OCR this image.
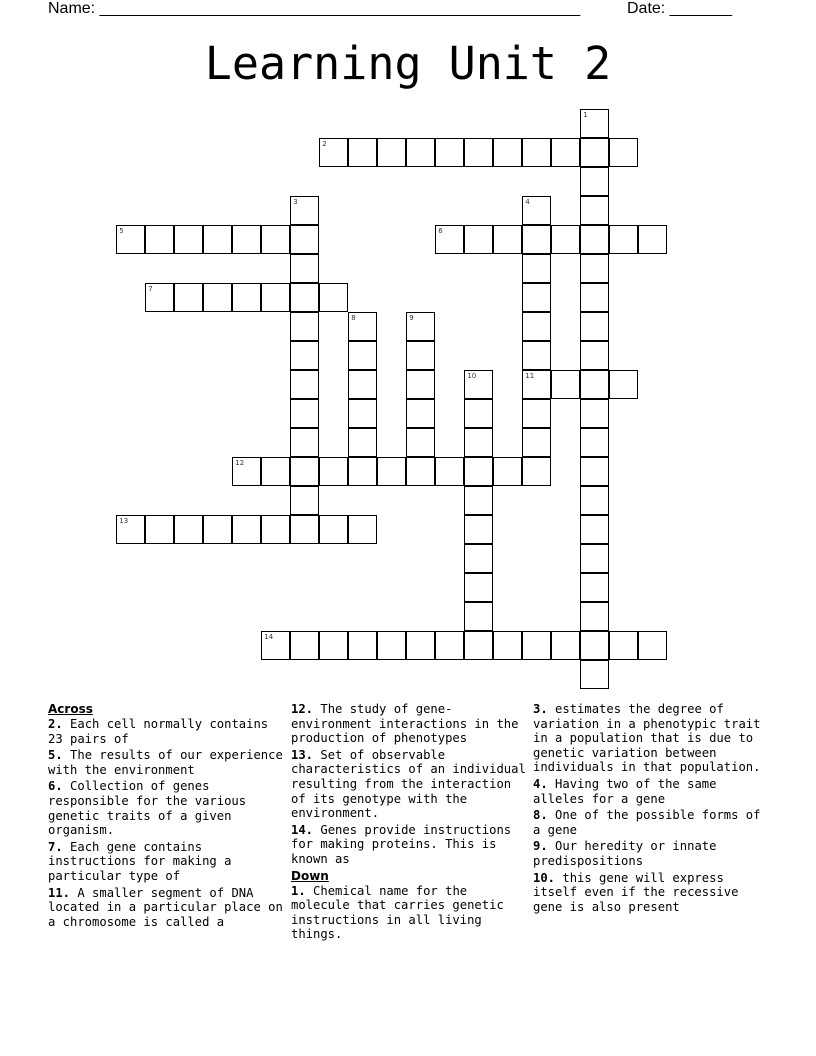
Name: ______________________________________________________	Date: _______
Learning Unit 2
1
2
3	4
11
5	6
7
8	9
10
12
13
14
Across
2. Each cell normally contains 23 pairs of
5. The results of our experience with the environment
6. Collection of genes responsible for the various genetic traits of a given organism.
7. Each gene contains instructions for making a particular type of
11. A smaller segment of DNA located in a particular place on a chromosome is called a
12. The study of gene-environment interactions in the production of phenotypes
13. Set of observable characteristics of an individual resulting from the interaction of its genotype with the environment.
14. Genes provide instructions for making proteins. This is known as
Down
1. Chemical name for the molecule that carries genetic instructions in all living things.
3. estimates the degree of variation in a phenotypic trait in a population that is due to genetic variation between individuals in that population.
4. Having two of the same alleles for a gene
8. One of the possible forms of a gene
9. Our heredity or innate predispositions
10. this gene will express itself even if the recessive gene is also present
